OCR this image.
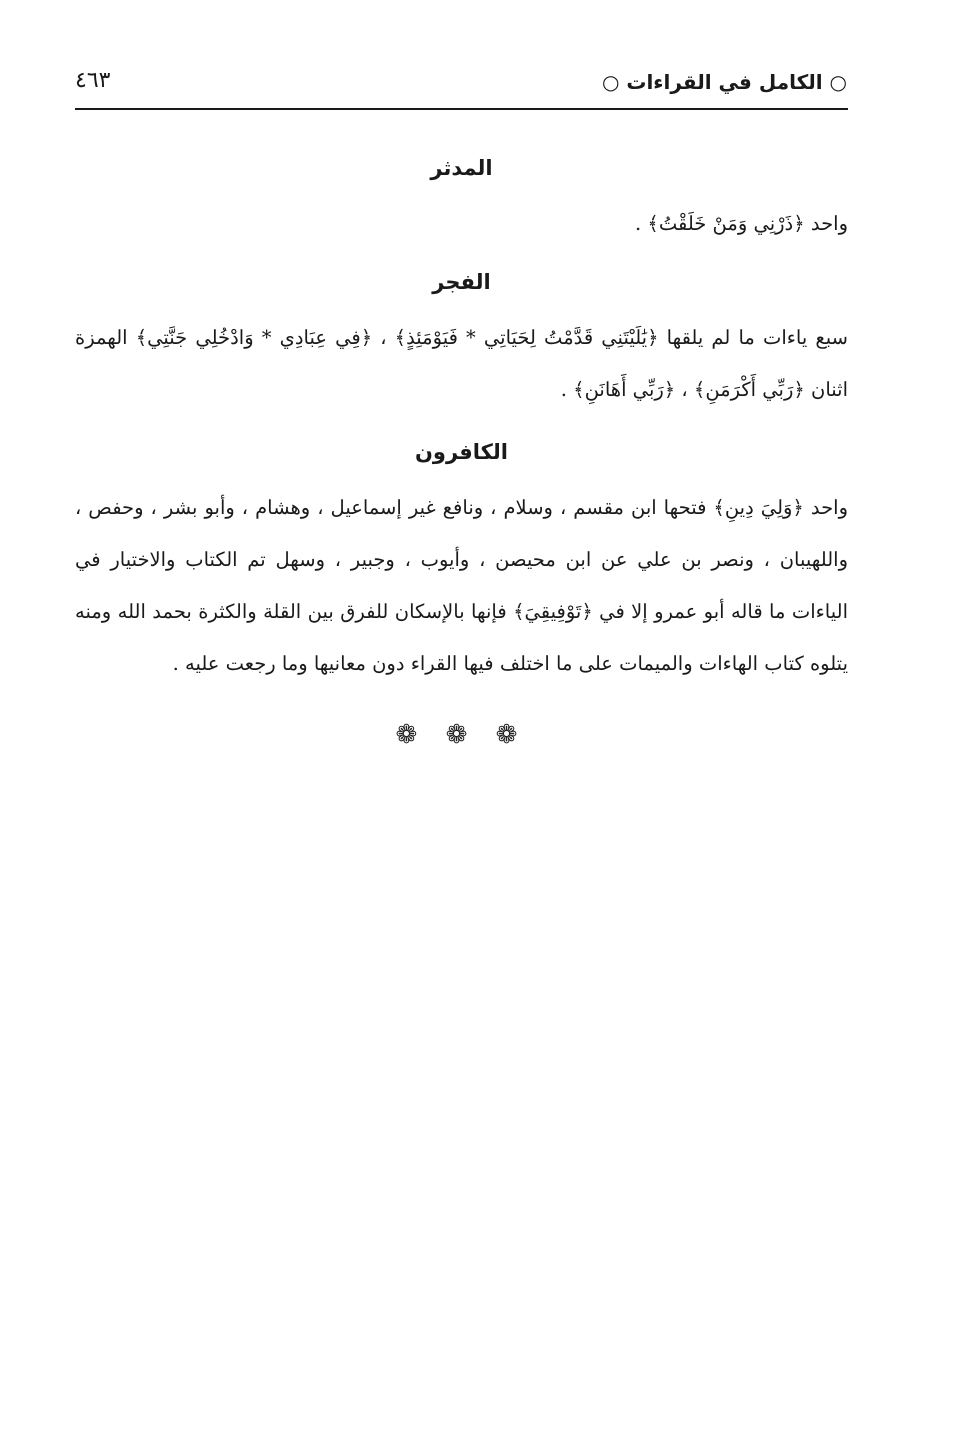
○ الكامل في القراءات ○
٤٦٣
المدثر

واحد ﴿ذَرْنِي وَمَنْ خَلَقْتُ﴾ .

الفجر

سبع ياءات ما لم يلقها ﴿يَٰلَيْتَنِي قَدَّمْتُ لِحَيَاتِي * فَيَوْمَئِذٍ﴾ ، ﴿فِي عِبَادِي * وَادْخُلِي جَنَّتِي﴾ الهمزة اثنان ﴿رَبِّي أَكْرَمَنِ﴾ ، ﴿رَبِّي أَهَانَنِ﴾ .

الكافرون

واحد ﴿وَلِيَ دِينِ﴾ فتحها ابن مقسم ، وسلام ، ونافع غير إسماعيل ، وهشام ، وأبو بشر ، وحفص ، واللهيبان ، ونصر بن علي عن ابن محيصن ، وأيوب ، وجبير ، وسهل تم الكتاب والاختيار في الياءات ما قاله أبو عمرو إلا في ﴿تَوْفِيقِيَ﴾ فإنها بالإسكان للفرق بين القلة والكثرة بحمد الله ومنه يتلوه كتاب الهاءات والميمات على ما اختلف فيها القراء دون معانيها وما رجعت عليه .

❁ ❁ ❁
